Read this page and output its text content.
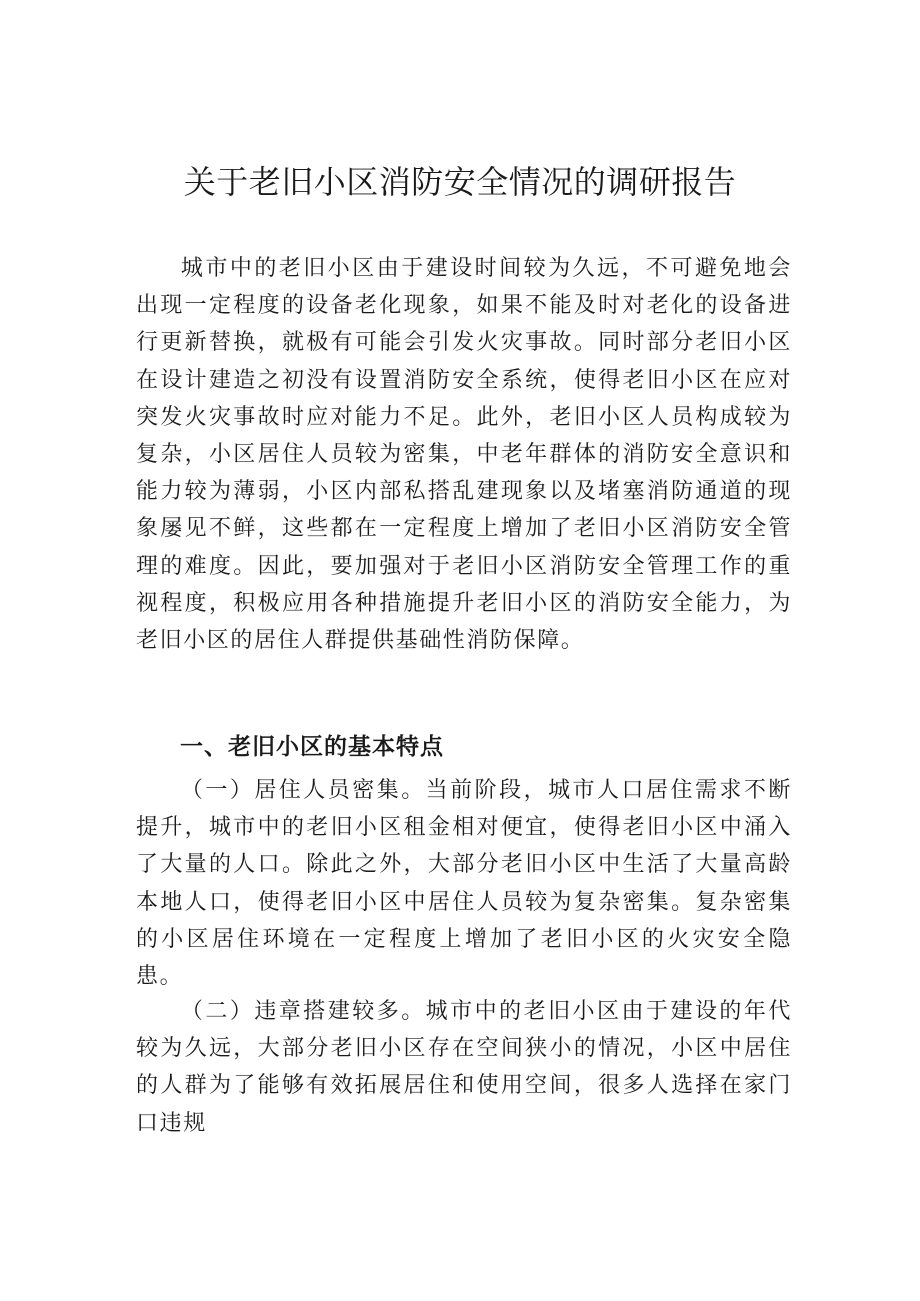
关于老旧小区消防安全情况的调研报告

城市中的老旧小区由于建设时间较为久远，不可避免地会出现一定程度的设备老化现象，如果不能及时对老化的设备进行更新替换，就极有可能会引发火灾事故。同时部分老旧小区在设计建造之初没有设置消防安全系统，使得老旧小区在应对突发火灾事故时应对能力不足。此外，老旧小区人员构成较为复杂，小区居住人员较为密集，中老年群体的消防安全意识和能力较为薄弱，小区内部私搭乱建现象以及堵塞消防通道的现象屡见不鲜，这些都在一定程度上增加了老旧小区消防安全管理的难度。因此，要加强对于老旧小区消防安全管理工作的重视程度，积极应用各种措施提升老旧小区的消防安全能力，为老旧小区的居住人群提供基础性消防保障。

一、老旧小区的基本特点

（一）居住人员密集。当前阶段，城市人口居住需求不断提升，城市中的老旧小区租金相对便宜，使得老旧小区中涌入了大量的人口。除此之外，大部分老旧小区中生活了大量高龄本地人口，使得老旧小区中居住人员较为复杂密集。复杂密集的小区居住环境在一定程度上增加了老旧小区的火灾安全隐患。

（二）违章搭建较多。城市中的老旧小区由于建设的年代较为久远，大部分老旧小区存在空间狭小的情况，小区中居住的人群为了能够有效拓展居住和使用空间，很多人选择在家门口违规
